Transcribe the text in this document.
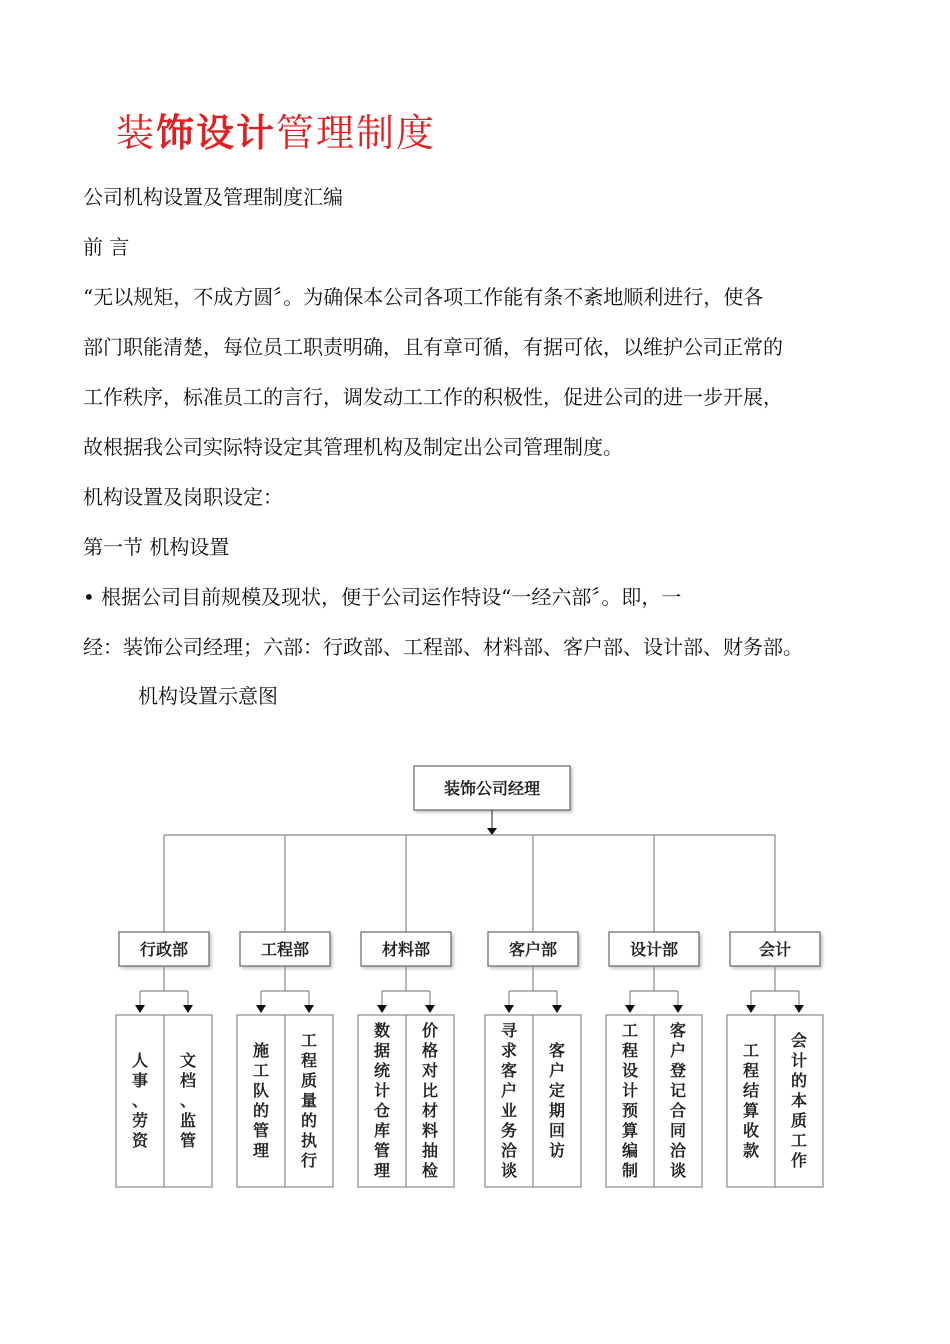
装饰设计管理制度
公司机构设置及管理制度汇编
前 言
“无以规矩，不成方圆〞。为确保本公司各项工作能有条不紊地顺利进行，使各
部门职能清楚，每位员工职责明确，且有章可循，有据可依，以维护公司正常的
工作秩序，标准员工的言行，调发动工工作的积极性，促进公司的进一步开展，
故根据我公司实际特设定其管理机构及制定出公司管理制度。
机构设置及岗职设定：
第一节 机构设置
• 根据公司目前规模及现状，便于公司运作特设“一经六部〞。即，一
经：装饰公司经理；六部：行政部、工程部、材料部、客户部、设计部、财务部。
机构设置示意图
装饰公司经理
行政部
人事、劳资
文档、监管
工程部
施工队的管理
工程质量的执行
材料部
数据统计仓库管理
价格对比材料抽检
客户部
寻求客户业务洽谈
客户定期回访
设计部
工程设计预算编制
客户登记合同洽谈
会计
工程结算收款
会计的本质工作
